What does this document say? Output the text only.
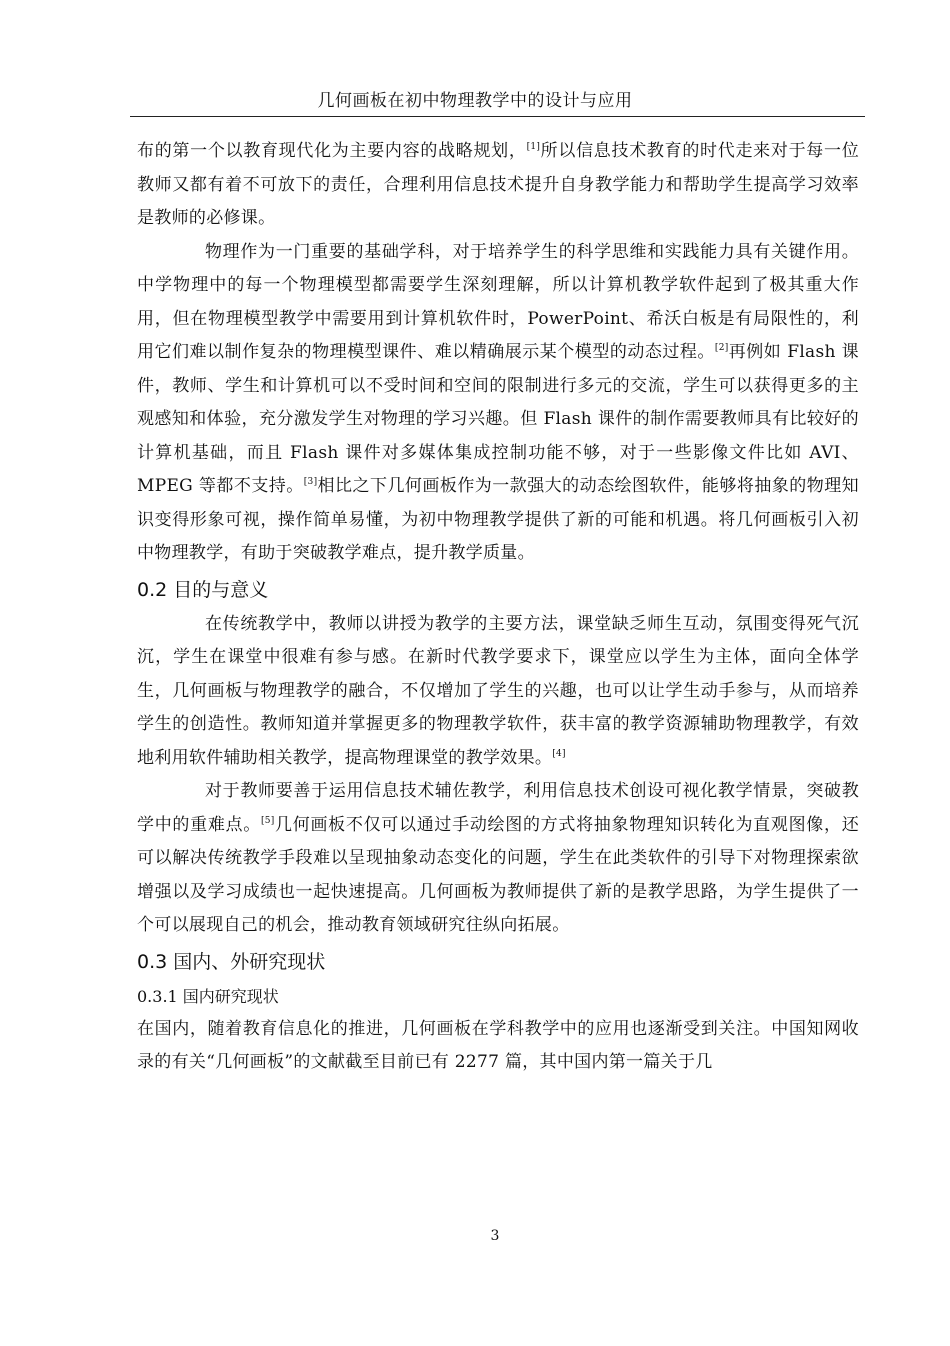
几何画板在初中物理教学中的设计与应用

布的第一个以教育现代化为主要内容的战略规划，[1]所以信息技术教育的时代走来对于每一位教师又都有着不可放下的责任，合理利用信息技术提升自身教学能力和帮助学生提高学习效率是教师的必修课。

物理作为一门重要的基础学科，对于培养学生的科学思维和实践能力具有关键作用。中学物理中的每一个物理模型都需要学生深刻理解，所以计算机教学软件起到了极其重大作用，但在物理模型教学中需要用到计算机软件时，PowerPoint、希沃白板是有局限性的，利用它们难以制作复杂的物理模型课件、难以精确展示某个模型的动态过程。[2]再例如 Flash 课件，教师、学生和计算机可以不受时间和空间的限制进行多元的交流，学生可以获得更多的主观感知和体验，充分激发学生对物理的学习兴趣。但 Flash 课件的制作需要教师具有比较好的计算机基础，而且 Flash 课件对多媒体集成控制功能不够，对于一些影像文件比如 AVI、MPEG 等都不支持。[3]相比之下几何画板作为一款强大的动态绘图软件，能够将抽象的物理知识变得形象可视，操作简单易懂，为初中物理教学提供了新的可能和机遇。将几何画板引入初中物理教学，有助于突破教学难点，提升教学质量。

0.2 目的与意义

在传统教学中，教师以讲授为教学的主要方法，课堂缺乏师生互动，氛围变得死气沉沉，学生在课堂中很难有参与感。在新时代教学要求下，课堂应以学生为主体，面向全体学生，几何画板与物理教学的融合，不仅增加了学生的兴趣，也可以让学生动手参与，从而培养学生的创造性。教师知道并掌握更多的物理教学软件，获丰富的教学资源辅助物理教学，有效地利用软件辅助相关教学，提高物理课堂的教学效果。[4]

对于教师要善于运用信息技术辅佐教学，利用信息技术创设可视化教学情景，突破教学中的重难点。[5]几何画板不仅可以通过手动绘图的方式将抽象物理知识转化为直观图像，还可以解决传统教学手段难以呈现抽象动态变化的问题，学生在此类软件的引导下对物理探索欲增强以及学习成绩也一起快速提高。几何画板为教师提供了新的是教学思路，为学生提供了一个可以展现自己的机会，推动教育领域研究往纵向拓展。

0.3 国内、外研究现状
0.3.1 国内研究现状

在国内，随着教育信息化的推进，几何画板在学科教学中的应用也逐渐受到关注。中国知网收录的有关“几何画板”的文献截至目前已有 2277 篇，其中国内第一篇关于几

3
